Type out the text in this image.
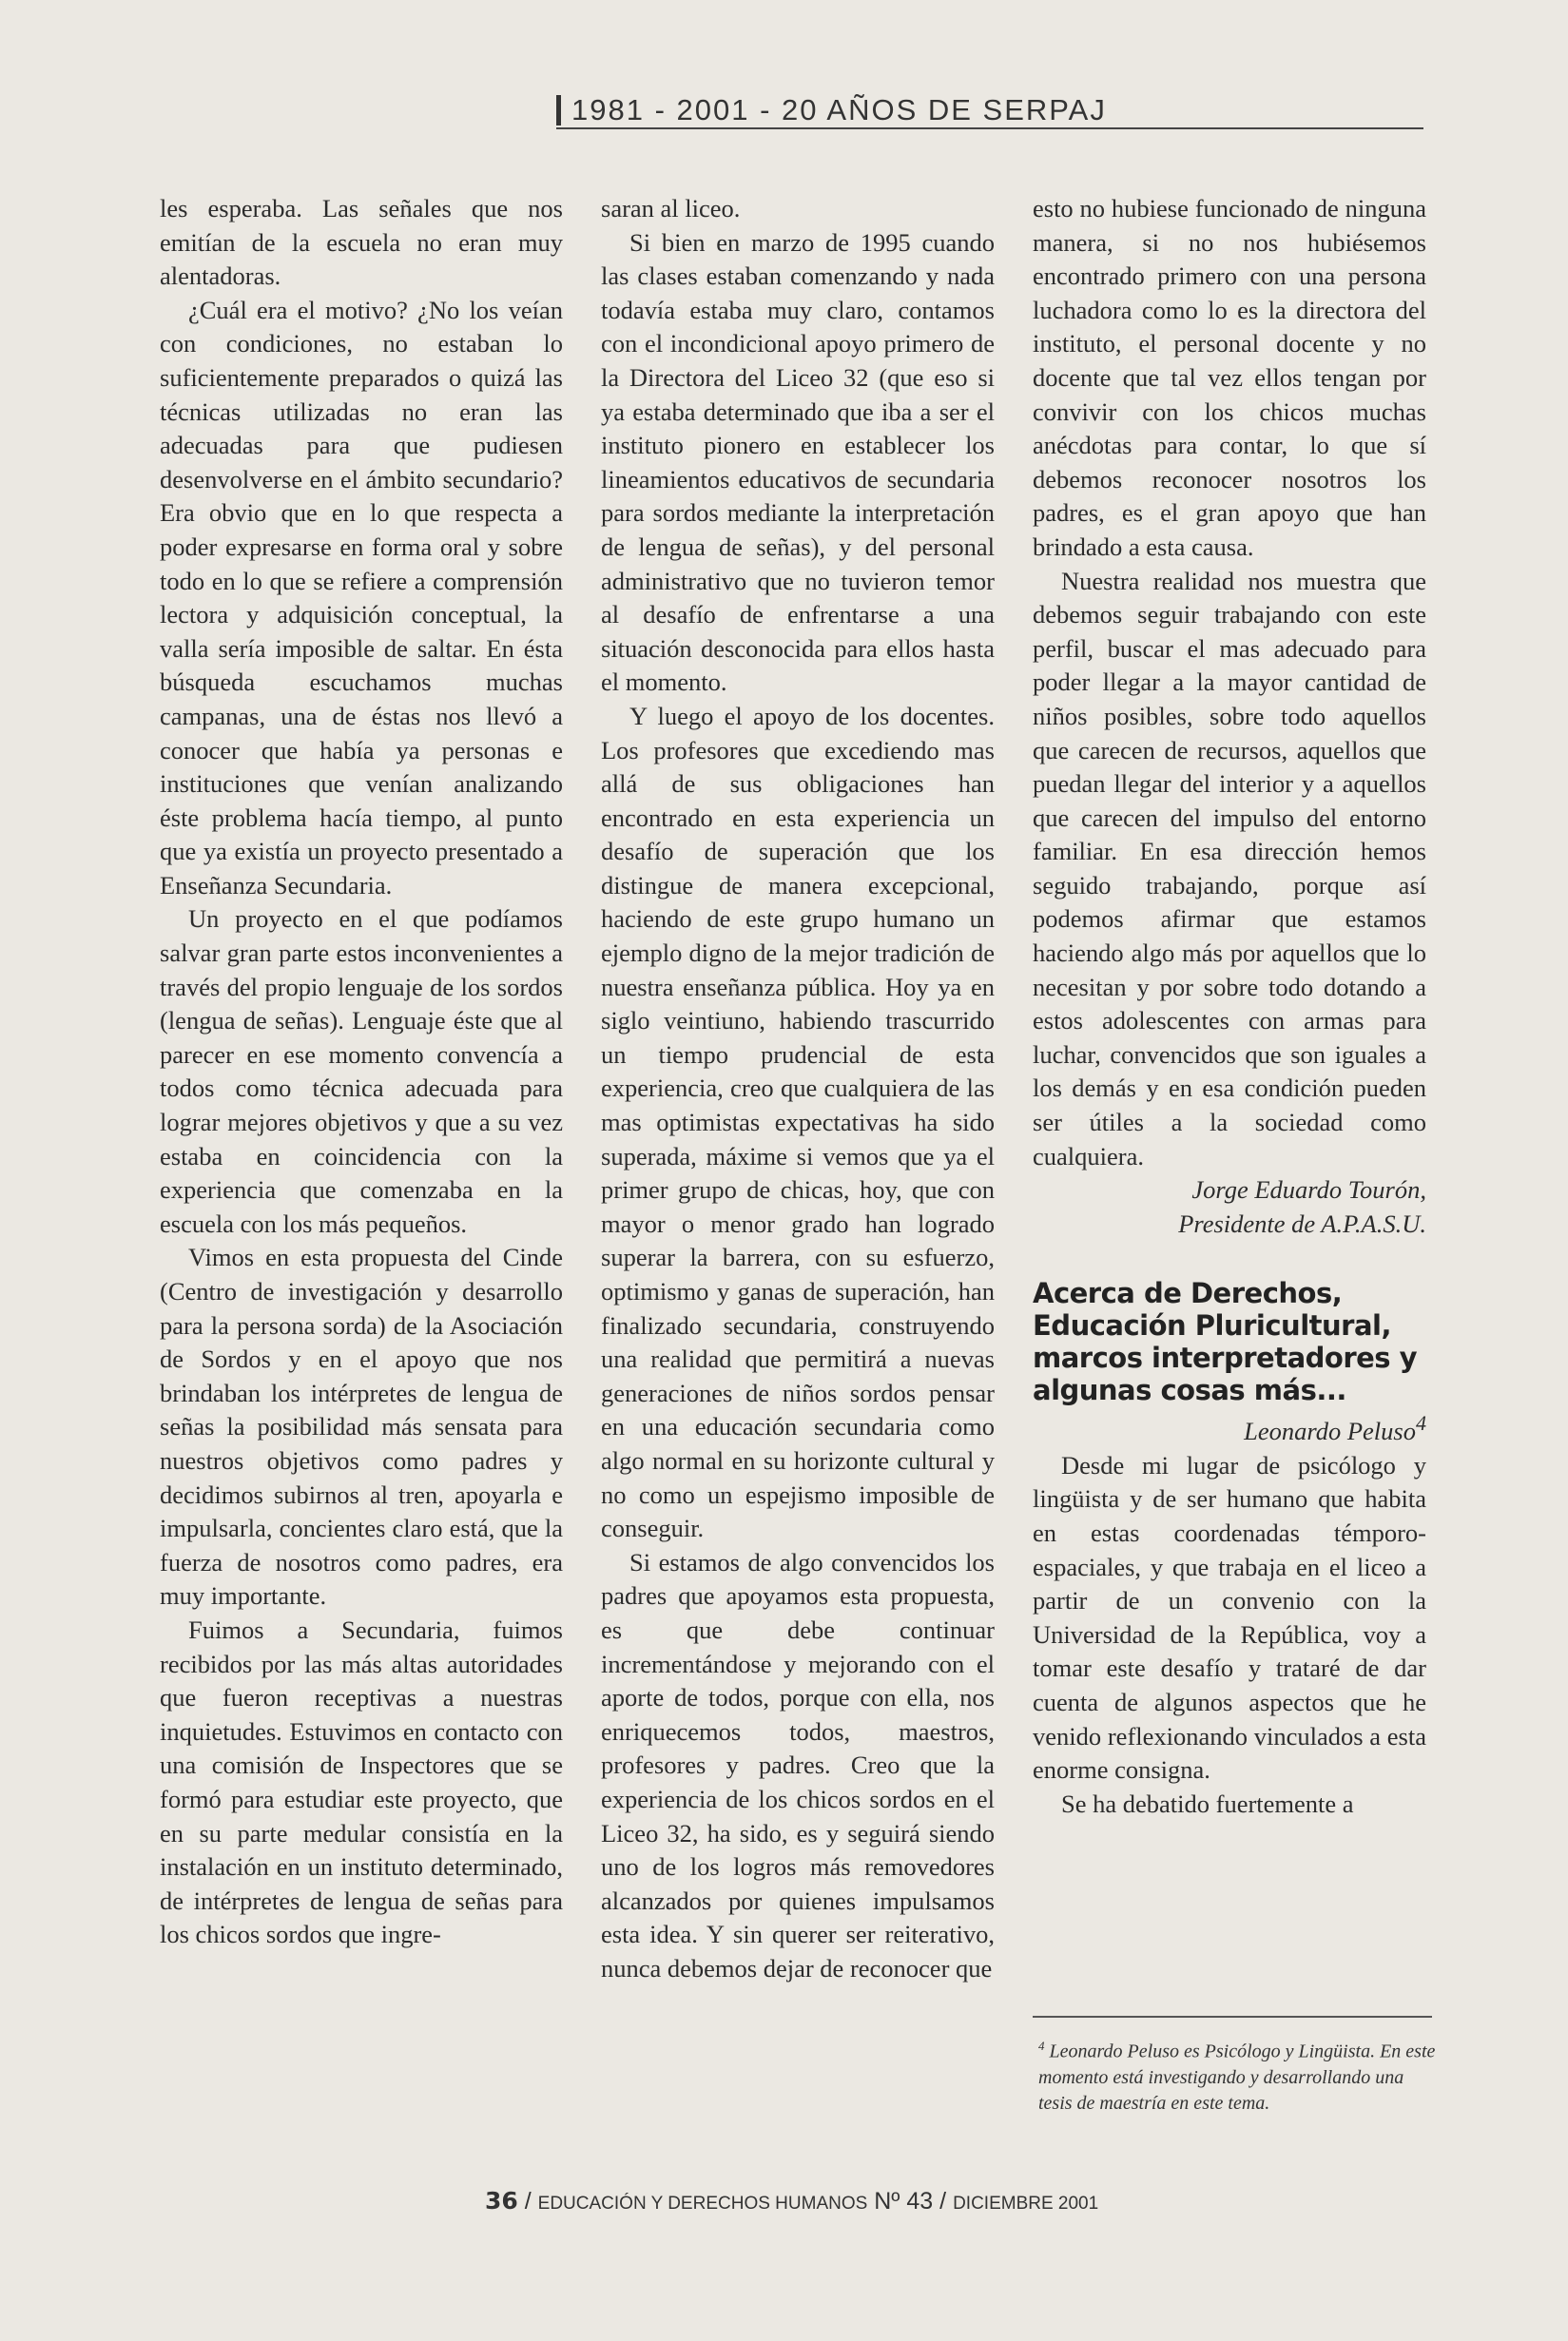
1981 - 2001 - 20 AÑOS DE SERPAJ

les esperaba. Las señales que nos emitían de la escuela no eran muy alentadoras.

¿Cuál era el motivo? ¿No los veían con condiciones, no estaban lo suficientemente preparados o quizá las técnicas utilizadas no eran las adecuadas para que pudiesen desenvolverse en el ámbito secundario? Era obvio que en lo que respecta a poder expresarse en forma oral y sobre todo en lo que se refiere a comprensión lectora y adquisición conceptual, la valla sería imposible de saltar. En ésta búsqueda escuchamos muchas campanas, una de éstas nos llevó a conocer que había ya personas e instituciones que venían analizando éste problema hacía tiempo, al punto que ya existía un proyecto presentado a Enseñanza Secundaria.

Un proyecto en el que podíamos salvar gran parte estos inconvenientes a través del propio lenguaje de los sordos (lengua de señas). Lenguaje éste que al parecer en ese momento convencía a todos como técnica adecuada para lograr mejores objetivos y que a su vez estaba en coincidencia con la experiencia que comenzaba en la escuela con los más pequeños.

Vimos en esta propuesta del Cinde (Centro de investigación y desarrollo para la persona sorda) de la Asociación de Sordos y en el apoyo que nos brindaban los intérpretes de lengua de señas la posibilidad más sensata para nuestros objetivos como padres y decidimos subirnos al tren, apoyarla e impulsarla, concientes claro está, que la fuerza de nosotros como padres, era muy importante.

Fuimos a Secundaria, fuimos recibidos por las más altas autoridades que fueron receptivas a nuestras inquietudes. Estuvimos en contacto con una comisión de Inspectores que se formó para estudiar este proyecto, que en su parte medular consistía en la instalación en un instituto determinado, de intérpretes de lengua de señas para los chicos sordos que ingre-

saran al liceo.

Si bien en marzo de 1995 cuando las clases estaban comenzando y nada todavía estaba muy claro, contamos con el incondicional apoyo primero de la Directora del Liceo 32 (que eso si ya estaba determinado que iba a ser el instituto pionero en establecer los lineamientos educativos de secundaria para sordos mediante la interpretación de lengua de señas), y del personal administrativo que no tuvieron temor al desafío de enfrentarse a una situación desconocida para ellos hasta el momento.

Y luego el apoyo de los docentes. Los profesores que excediendo mas allá de sus obligaciones han encontrado en esta experiencia un desafío de superación que los distingue de manera excepcional, haciendo de este grupo humano un ejemplo digno de la mejor tradición de nuestra enseñanza pública. Hoy ya en siglo veintiuno, habiendo trascurrido un tiempo prudencial de esta experiencia, creo que cualquiera de las mas optimistas expectativas ha sido superada, máxime si vemos que ya el primer grupo de chicas, hoy, que con mayor o menor grado han logrado superar la barrera, con su esfuerzo, optimismo y ganas de superación, han finalizado secundaria, construyendo una realidad que permitirá a nuevas generaciones de niños sordos pensar en una educación secundaria como algo normal en su horizonte cultural y no como un espejismo imposible de conseguir.

Si estamos de algo convencidos los padres que apoyamos esta propuesta, es que debe continuar incrementándose y mejorando con el aporte de todos, porque con ella, nos enriquecemos todos, maestros, profesores y padres. Creo que la experiencia de los chicos sordos en el Liceo 32, ha sido, es y seguirá siendo uno de los logros más removedores alcanzados por quienes impulsamos esta idea. Y sin querer ser reiterativo, nunca debemos dejar de reconocer que

esto no hubiese funcionado de ninguna manera, si no nos hubiésemos encontrado primero con una persona luchadora como lo es la directora del instituto, el personal docente y no docente que tal vez ellos tengan por convivir con los chicos muchas anécdotas para contar, lo que sí debemos reconocer nosotros los padres, es el gran apoyo que han brindado a esta causa.

Nuestra realidad nos muestra que debemos seguir trabajando con este perfil, buscar el mas adecuado para poder llegar a la mayor cantidad de niños posibles, sobre todo aquellos que carecen de recursos, aquellos que puedan llegar del interior y a aquellos que carecen del impulso del entorno familiar. En esa dirección hemos seguido trabajando, porque así podemos afirmar que estamos haciendo algo más por aquellos que lo necesitan y por sobre todo dotando a estos adolescentes con armas para luchar, convencidos que son iguales a los demás y en esa condición pueden ser útiles a la sociedad como cualquiera.

Jorge Eduardo Tourón,

Presidente de A.P.A.S.U.

Acerca de Derechos, Educación Pluricultural, marcos interpretadores y algunas cosas más...

Leonardo Peluso$^4$

Desde mi lugar de psicólogo y lingüista y de ser humano que habita en estas coordenadas témporo-espaciales, y que trabaja en el liceo a partir de un convenio con la Universidad de la República, voy a tomar este desafío y trataré de dar cuenta de algunos aspectos que he venido reflexionando vinculados a esta enorme consigna.

Se ha debatido fuertemente a

$^4$ Leonardo Peluso es Psicólogo y Lingüista. En este momento está investigando y desarrollando una tesis de maestría en este tema.
36 / EDUCACIÓN Y DERECHOS HUMANOS Nº 43 / DICIEMBRE 2001
